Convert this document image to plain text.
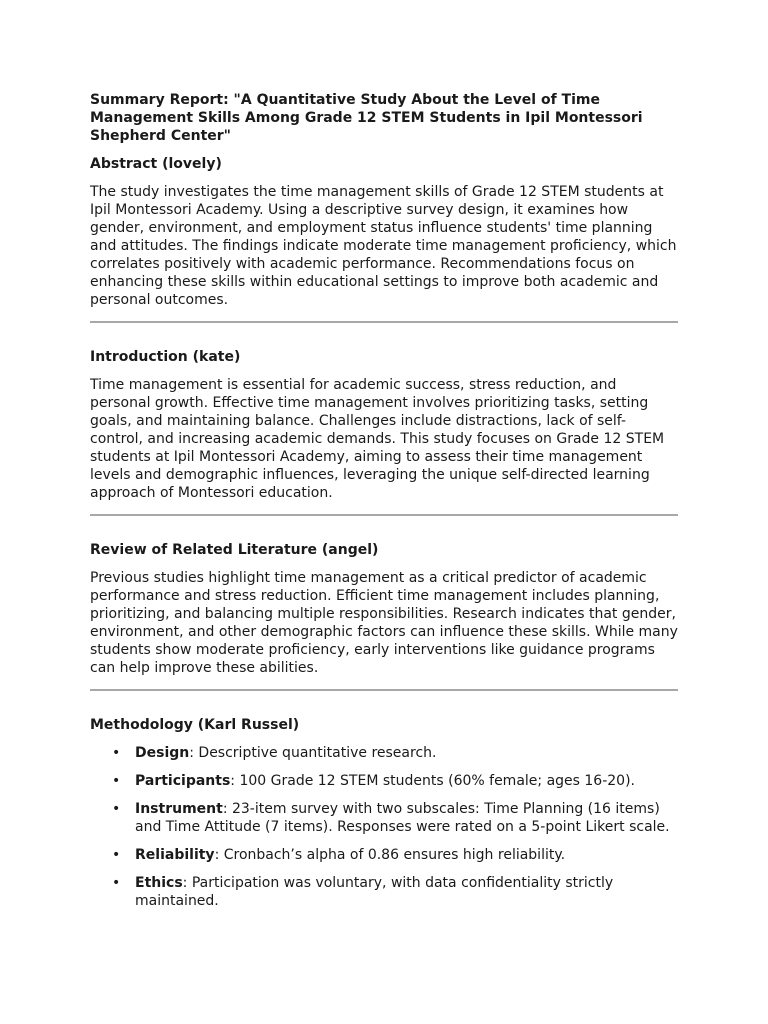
Summary Report: "A Quantitative Study About the Level of Time Management Skills Among Grade 12 STEM Students in Ipil Montessori Shepherd Center"
Abstract (lovely)

The study investigates the time management skills of Grade 12 STEM students at Ipil Montessori Academy. Using a descriptive survey design, it examines how gender, environment, and employment status influence students' time planning and attitudes. The findings indicate moderate time management proficiency, which correlates positively with academic performance. Recommendations focus on enhancing these skills within educational settings to improve both academic and personal outcomes.

Introduction (kate)

Time management is essential for academic success, stress reduction, and personal growth. Effective time management involves prioritizing tasks, setting goals, and maintaining balance. Challenges include distractions, lack of self-control, and increasing academic demands. This study focuses on Grade 12 STEM students at Ipil Montessori Academy, aiming to assess their time management levels and demographic influences, leveraging the unique self-directed learning approach of Montessori education.

Review of Related Literature (angel)

Previous studies highlight time management as a critical predictor of academic performance and stress reduction. Efficient time management includes planning, prioritizing, and balancing multiple responsibilities. Research indicates that gender, environment, and other demographic factors can influence these skills. While many students show moderate proficiency, early interventions like guidance programs can help improve these abilities.

Methodology (Karl Russel)
• Design: Descriptive quantitative research.
• Participants: 100 Grade 12 STEM students (60% female; ages 16-20).
• Instrument: 23-item survey with two subscales: Time Planning (16 items) and Time Attitude (7 items). Responses were rated on a 5-point Likert scale.
• Reliability: Cronbach’s alpha of 0.86 ensures high reliability.
• Ethics: Participation was voluntary, with data confidentiality strictly maintained.
